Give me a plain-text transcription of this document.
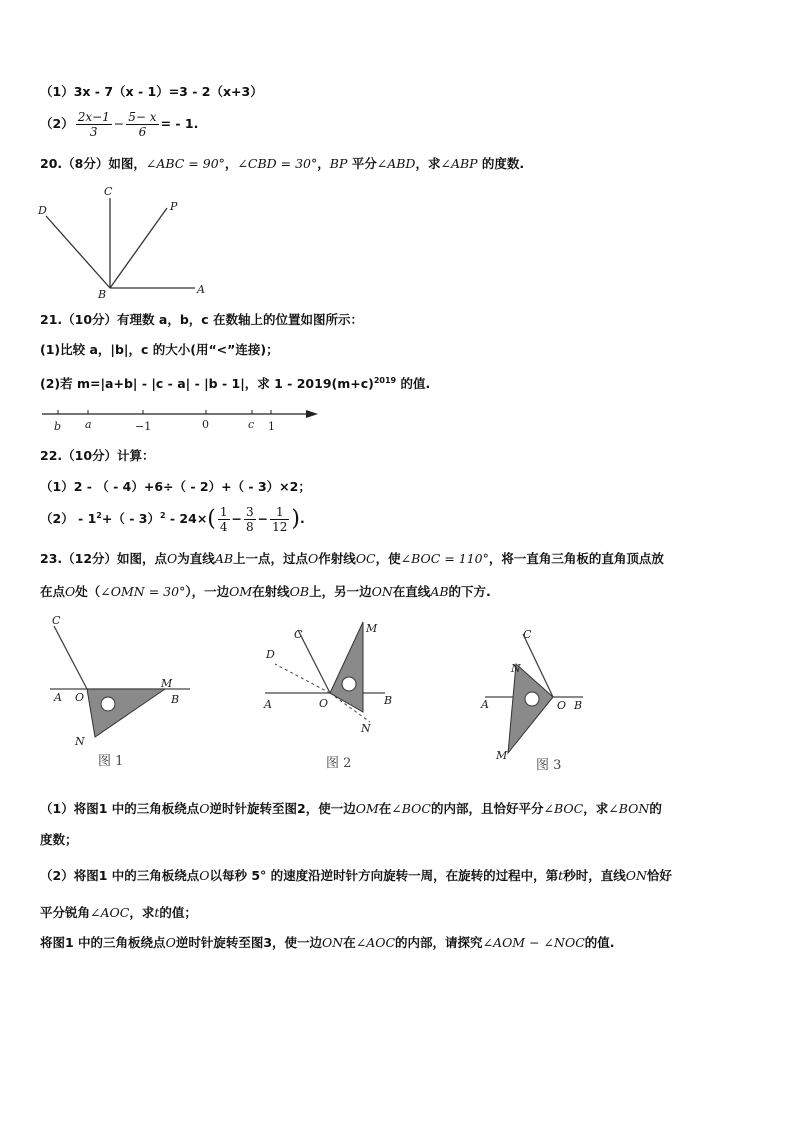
（1）3x - 7（x - 1）=3 - 2（x+3）
$(2) \frac{2x-1}{3} - \frac{5- x}{6}$ = - 1.
20.（8分）如图，∠ABC = 90°，∠CBD = 30°，BP 平分∠ABD，求∠ABP 的度数.
C
D	P
B	A
21.（10分）有理数 a，b，c 在数轴上的位置如图所示：
(1)比较 a，|b|，c 的大小(用“<”连接)；
(2)若 m=|a+b| - |c - a| - |b - 1|，求 $1 - 2019(m+c)^{2019}$ 的值.
b a	−1	0	c 1
22.（10分）计算：
（1）2 - （ - 4）+6÷（ - 2）+（ - 3）×2；
$(2) - 1^2+( - 3)^2 - 24\times( \frac{1}{4} - \frac{3}{8} - \frac{1}{12}$ ).
23.（12分）如图，点O为直线AB上一点，过点O作射线OC，使∠BOC = 110°，将一直角三角板的直角顶点放
在点O处（∠OMN = 30°），一边OM在射线OB上，另一边ON在直线AB的下方.
C
A O
M
B
N
图 1
C
D
A	O
M
B
N
图 2
C
N
A	O B
M
图 3
（1）将图1 中的三角板绕点O逆时针旋转至图2，使一边OM在∠BOC的内部，且恰好平分∠BOC，求∠BON的
度数；
（2）将图1 中的三角板绕点O以每秒 5° 的速度沿逆时针方向旋转一周，在旋转的过程中，第t秒时，直线ON恰好
平分锐角∠AOC，求t的值；
将图1 中的三角板绕点O逆时针旋转至图3，使一边ON在∠AOC的内部，请探究∠AOM − ∠NOC的值.
